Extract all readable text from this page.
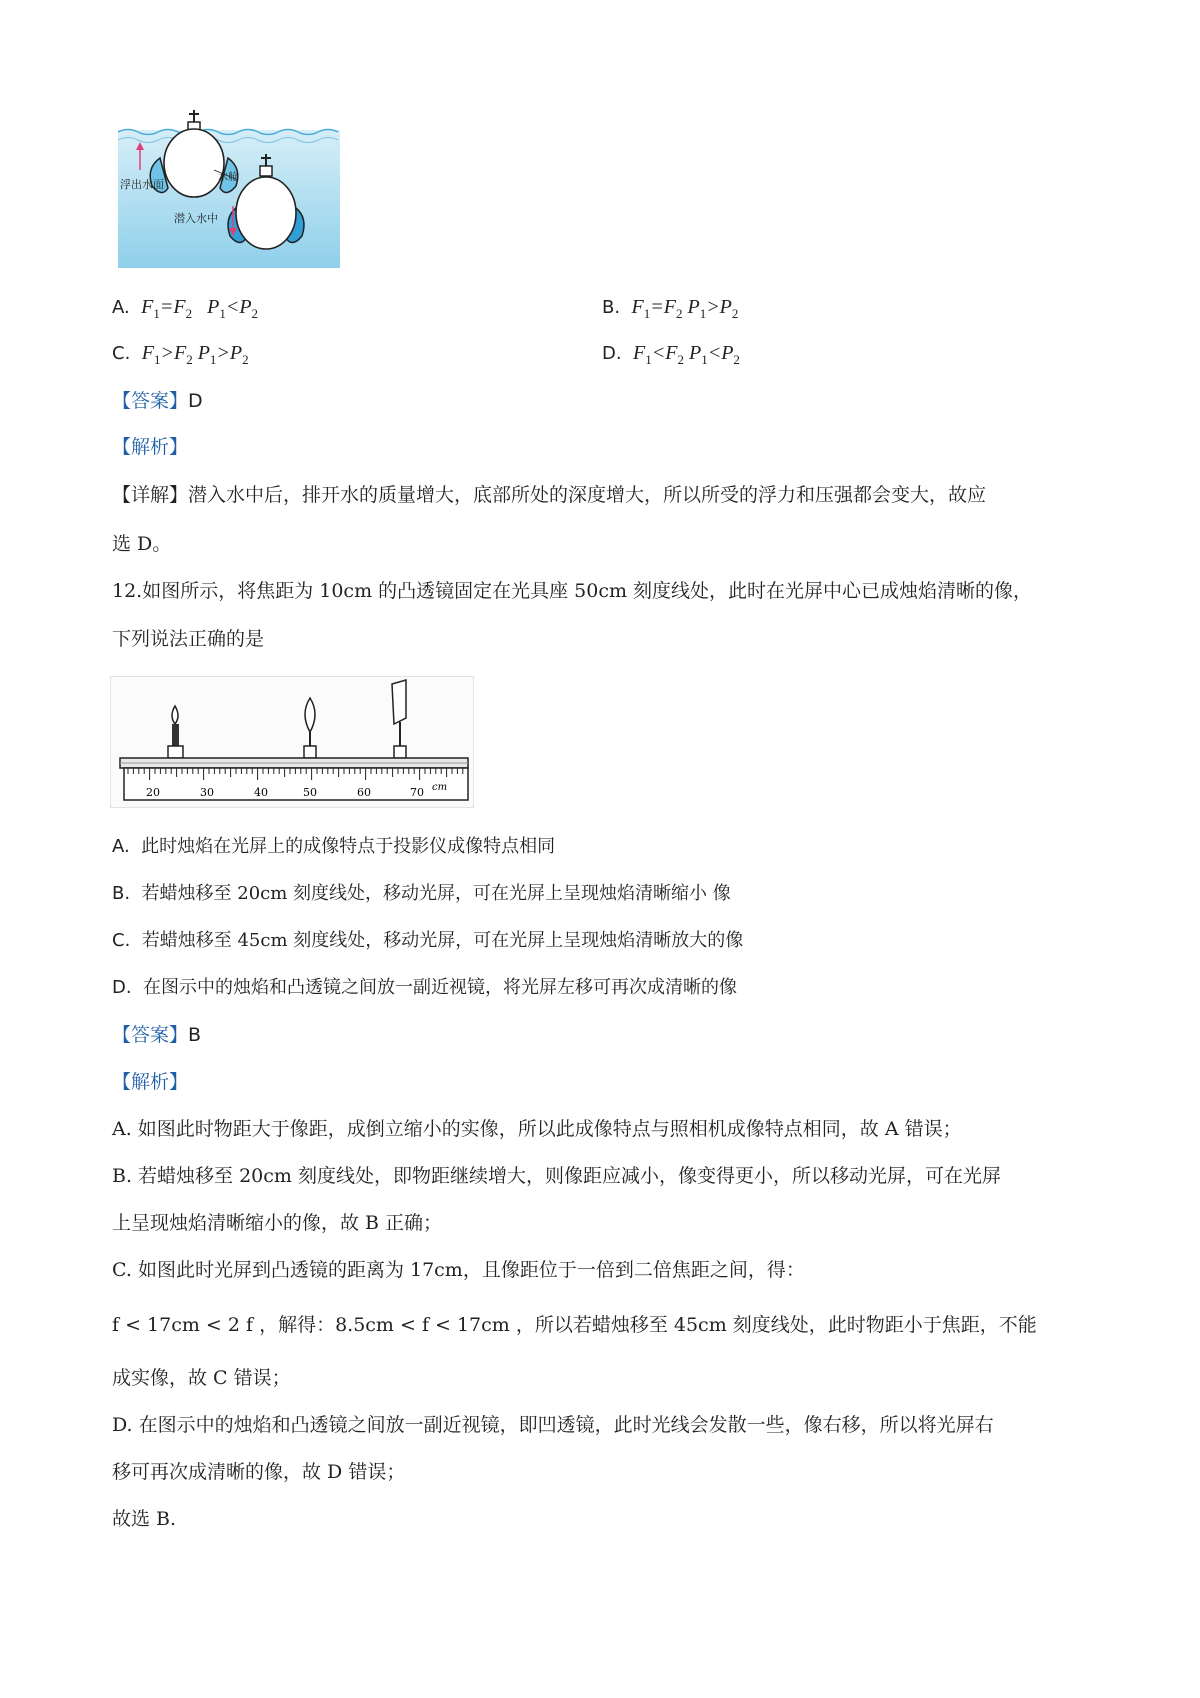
水舱
浮出水面
潜入水中
A. $F_1=F_2$   $P_1<P_2$	B. $F_1=F_2$ $P_1>P_2$
C. $F_1>F_2$ $P_1>P_2$	D. $F_1<F_2$ $P_1<P_2$
【答案】D
【解析】
【详解】潜入水中后，排开水的质量增大，底部所处的深度增大，所以所受的浮力和压强都会变大，故应
选 D。
12.如图所示，将焦距为 10cm 的凸透镜固定在光具座 50cm 刻度线处，此时在光屏中心已成烛焰清晰的像，
下列说法正确的是
20	30	40	50	60	70 cm
A. 此时烛焰在光屏上的成像特点于投影仪成像特点相同
B. 若蜡烛移至 20cm 刻度线处，移动光屏，可在光屏上呈现烛焰清晰缩小 像
C. 若蜡烛移至 45cm 刻度线处，移动光屏，可在光屏上呈现烛焰清晰放大的像
D. 在图示中的烛焰和凸透镜之间放一副近视镜，将光屏左移可再次成清晰的像
【答案】B
【解析】
A. 如图此时物距大于像距，成倒立缩小的实像，所以此成像特点与照相机成像特点相同，故 A 错误；
B. 若蜡烛移至 20cm 刻度线处，即物距继续增大，则像距应减小，像变得更小，所以移动光屏，可在光屏
上呈现烛焰清晰缩小的像，故 B 正确；
C. 如图此时光屏到凸透镜的距离为 17cm，且像距位于一倍到二倍焦距之间，得：
f < 17cm < 2 f ，解得：8.5cm < f < 17cm ，所以若蜡烛移至 45cm 刻度线处，此时物距小于焦距，不能
成实像，故 C 错误；
D. 在图示中的烛焰和凸透镜之间放一副近视镜，即凹透镜，此时光线会发散一些，像右移，所以将光屏右
移可再次成清晰的像，故 D 错误；
故选 B.
